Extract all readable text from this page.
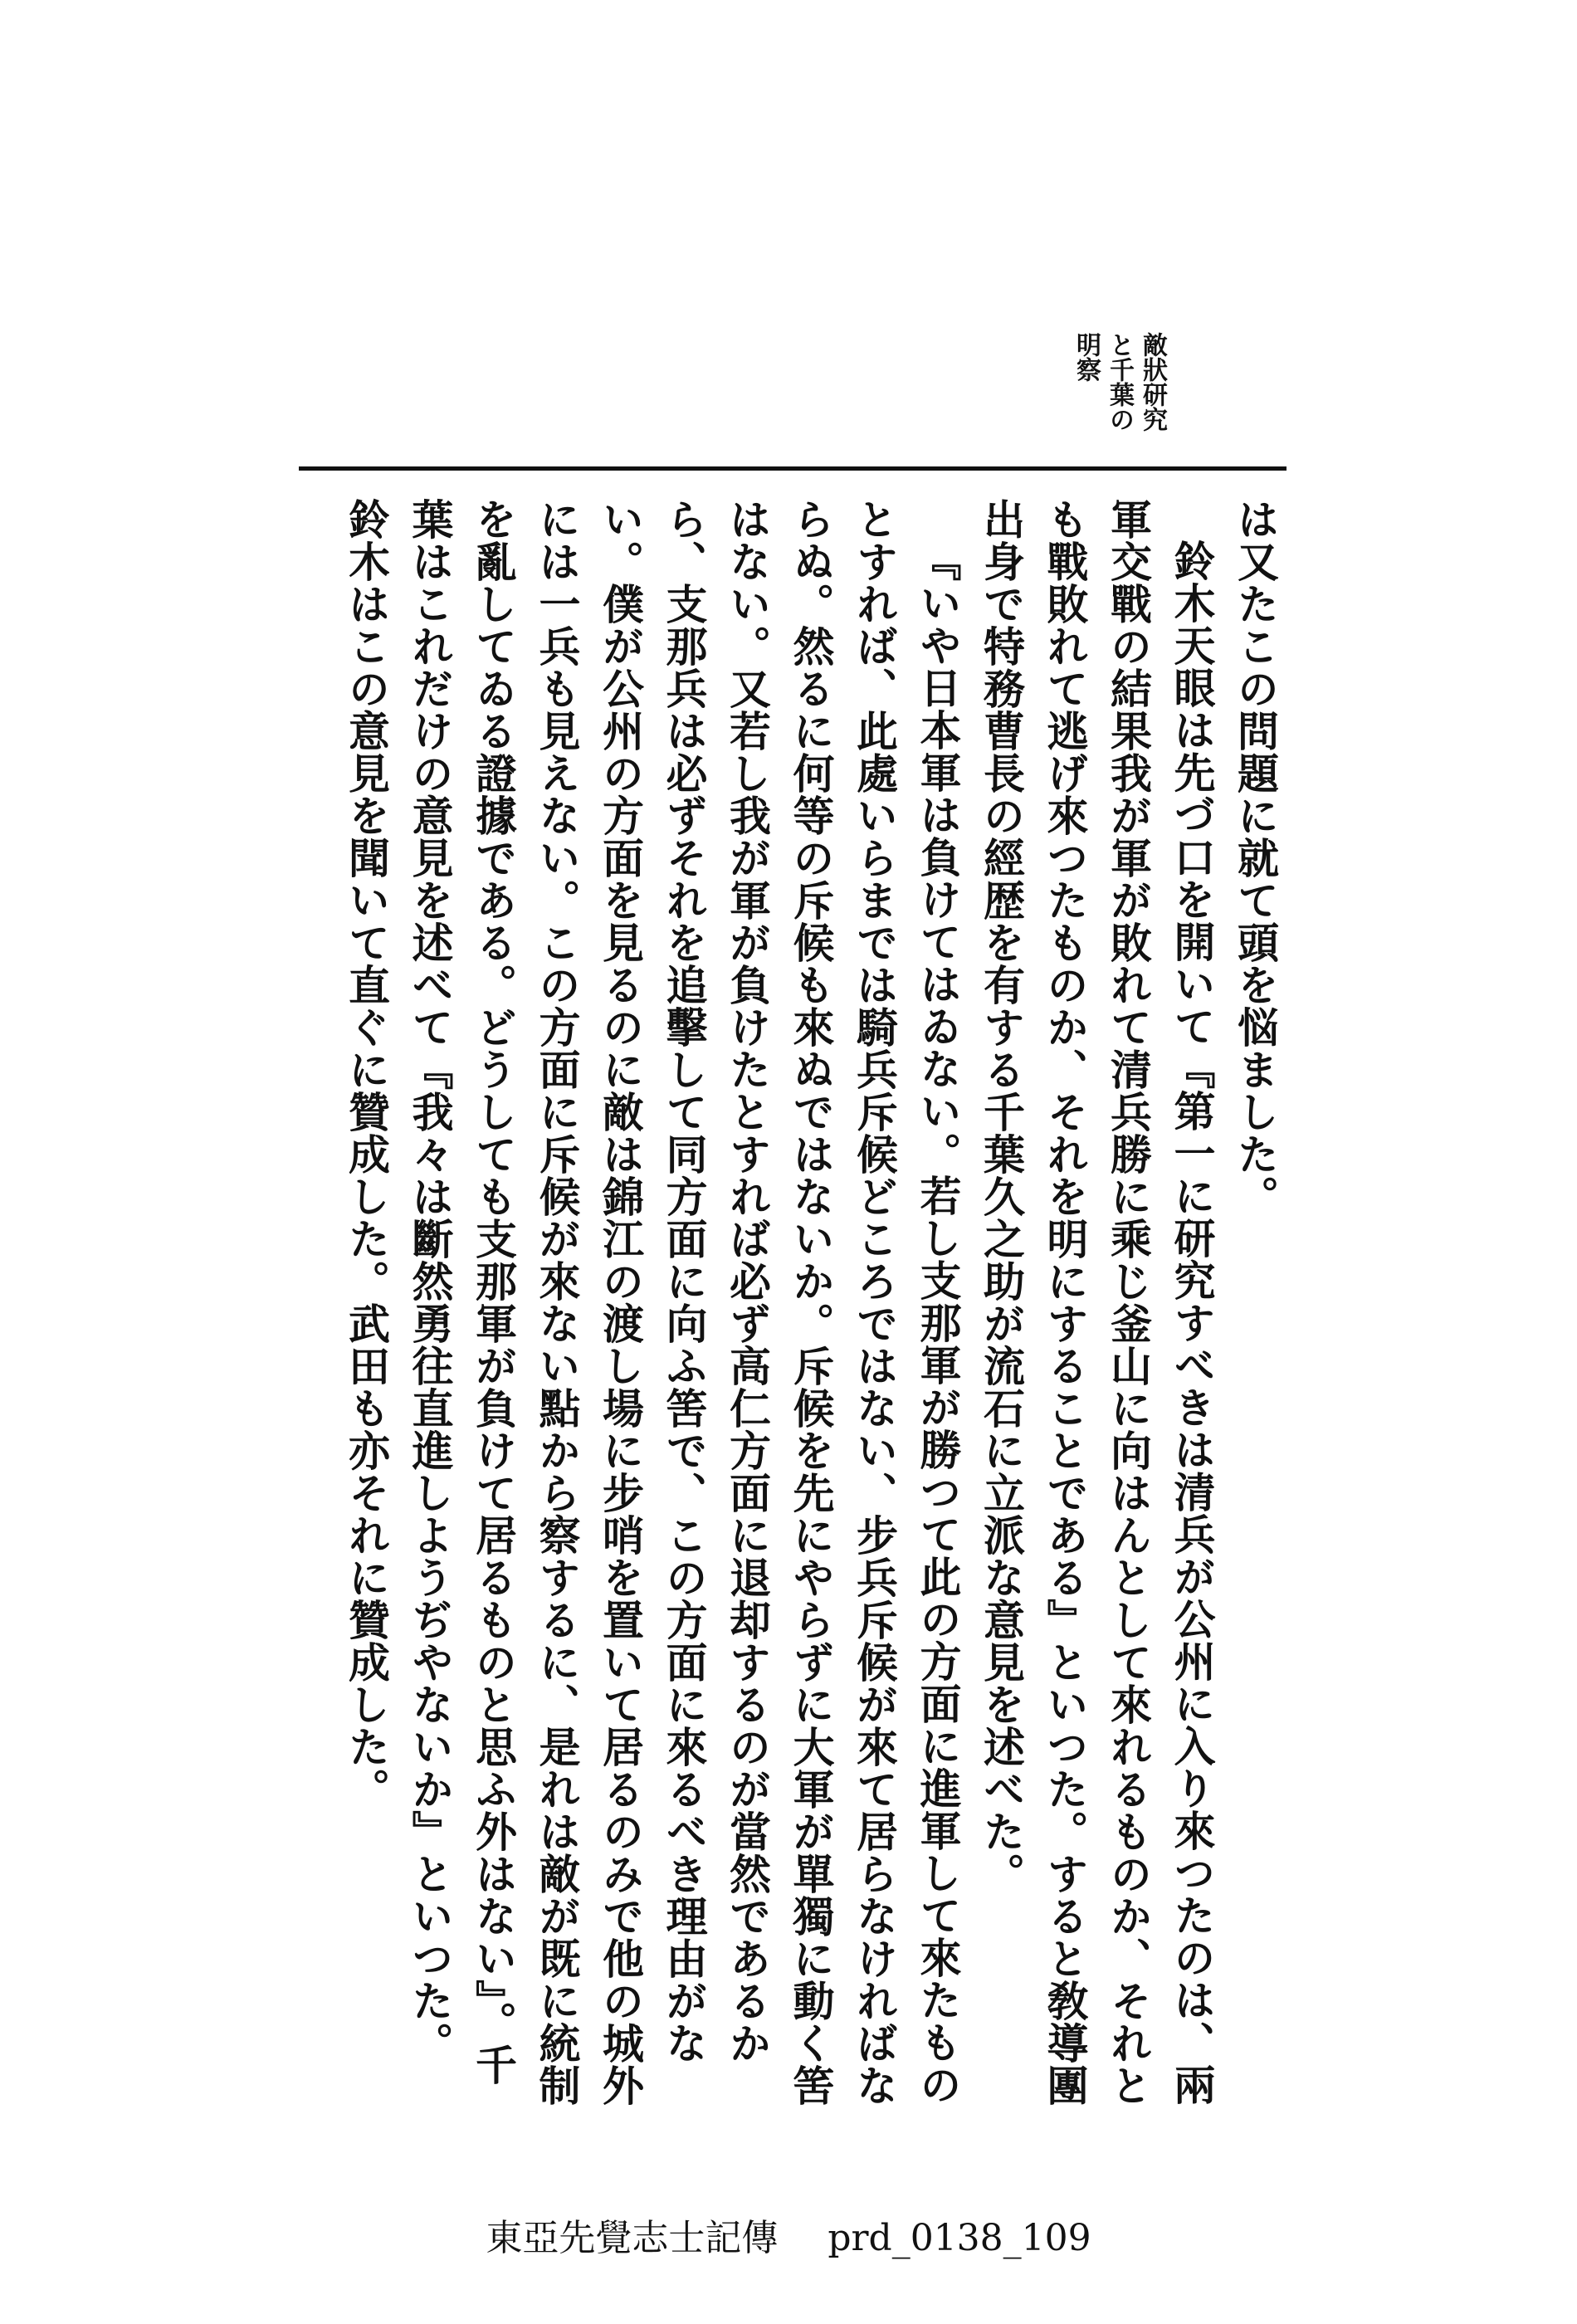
敵狀研究
と千葉の
明察

は又たこの問題に就て頭を悩ました。

鈴木天眼は先づ口を開いて『第一に研究すべきは清兵が公州に入り來つたのは、兩軍交戰の結果我が軍が敗れて清兵勝に乘じ釜山に向はんとして來れるものか、それとも戰敗れて逃げ來つたものか、それを明にすることである』といつた。すると敎導團出身で特務曹長の經歴を有する千葉久之助が流石に立派な意見を述べた。

『いや日本軍は負けてはゐない。若し支那軍が勝つて此の方面に進軍して來たものとすれば、此處いらまでは騎兵斥候どころではない、步兵斥候が來て居らなければならぬ。然るに何等の斥候も來ぬではないか。斥候を先にやらずに大軍が單獨に動く筈はない。又若し我が軍が負けたとすれば必ず高仁方面に退却するのが當然であるから、支那兵は必ずそれを追擊して同方面に向ふ筈で、この方面に來るべき理由がない。僕が公州の方面を見るのに敵は錦江の渡し場に步哨を置いて居るのみで他の城外には一兵も見えない。この方面に斥候が來ない點から察するに、是れは敵が既に統制を亂してゐる證據である。どうしても支那軍が負けて居るものと思ふ外はない』。千葉はこれだけの意見を述べて『我々は斷然勇往直進しようぢやないか』といつた。

鈴木はこの意見を聞いて直ぐに贊成した。武田も亦それに贊成した。

東亞先覺志士記傳 prd_0138_109
